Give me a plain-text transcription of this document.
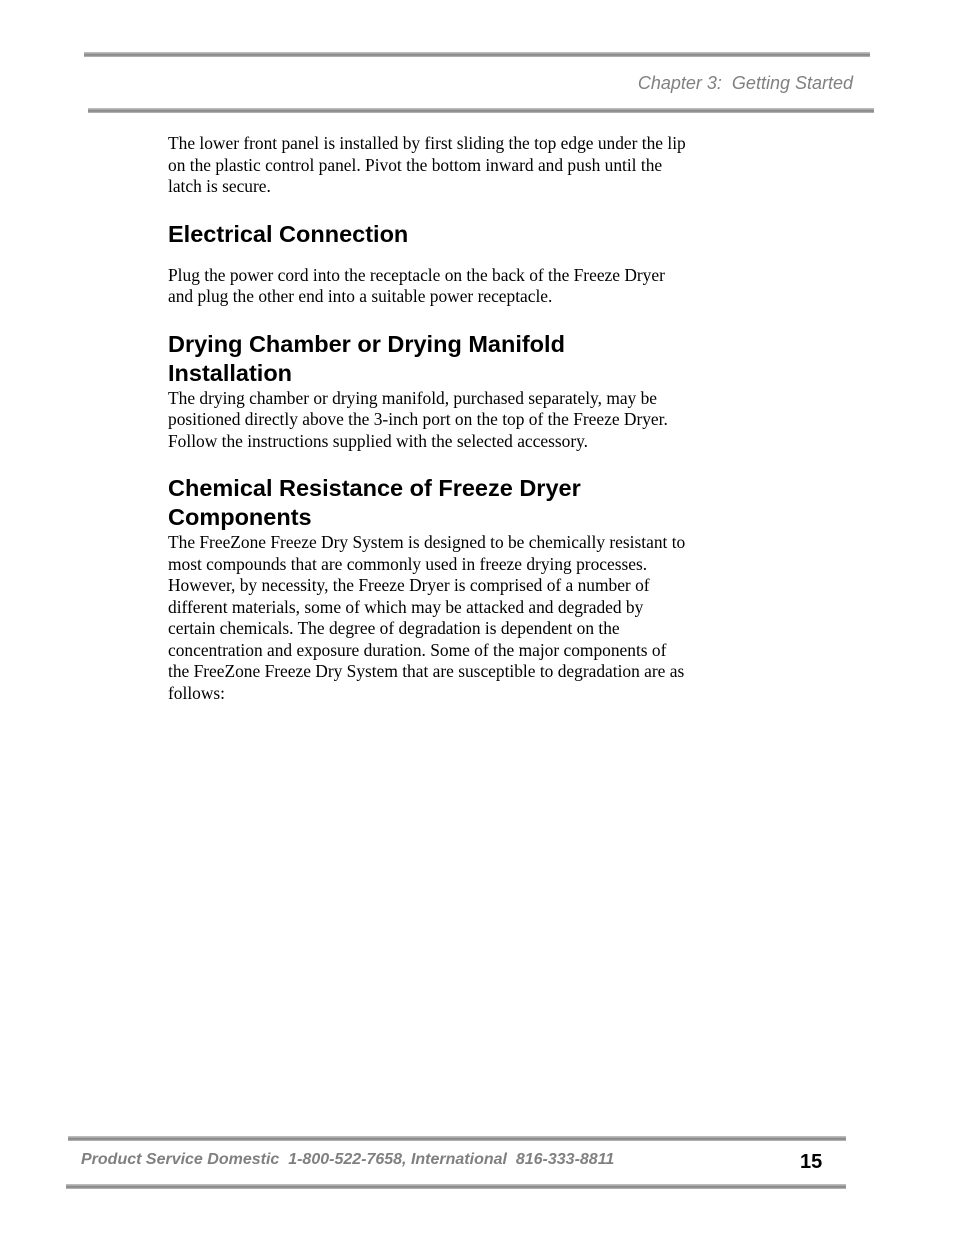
Chapter 3:  Getting Started

The lower front panel is installed by first sliding the top edge under the lip on the plastic control panel. Pivot the bottom inward and push until the latch is secure.

Electrical Connection

Plug the power cord into the receptacle on the back of the Freeze Dryer and plug the other end into a suitable power receptacle.

Drying Chamber or Drying Manifold Installation

The drying chamber or drying manifold, purchased separately, may be positioned directly above the 3-inch port on the top of the Freeze Dryer. Follow the instructions supplied with the selected accessory.

Chemical Resistance of Freeze Dryer Components

The FreeZone Freeze Dry System is designed to be chemically resistant to most compounds that are commonly used in freeze drying processes. However, by necessity, the Freeze Dryer is comprised of a number of different materials, some of which may be attacked and degraded by certain chemicals. The degree of degradation is dependent on the concentration and exposure duration. Some of the major components of the FreeZone Freeze Dry System that are susceptible to degradation are as follows:

Product Service Domestic  1-800-522-7658, International  816-333-8811	15
